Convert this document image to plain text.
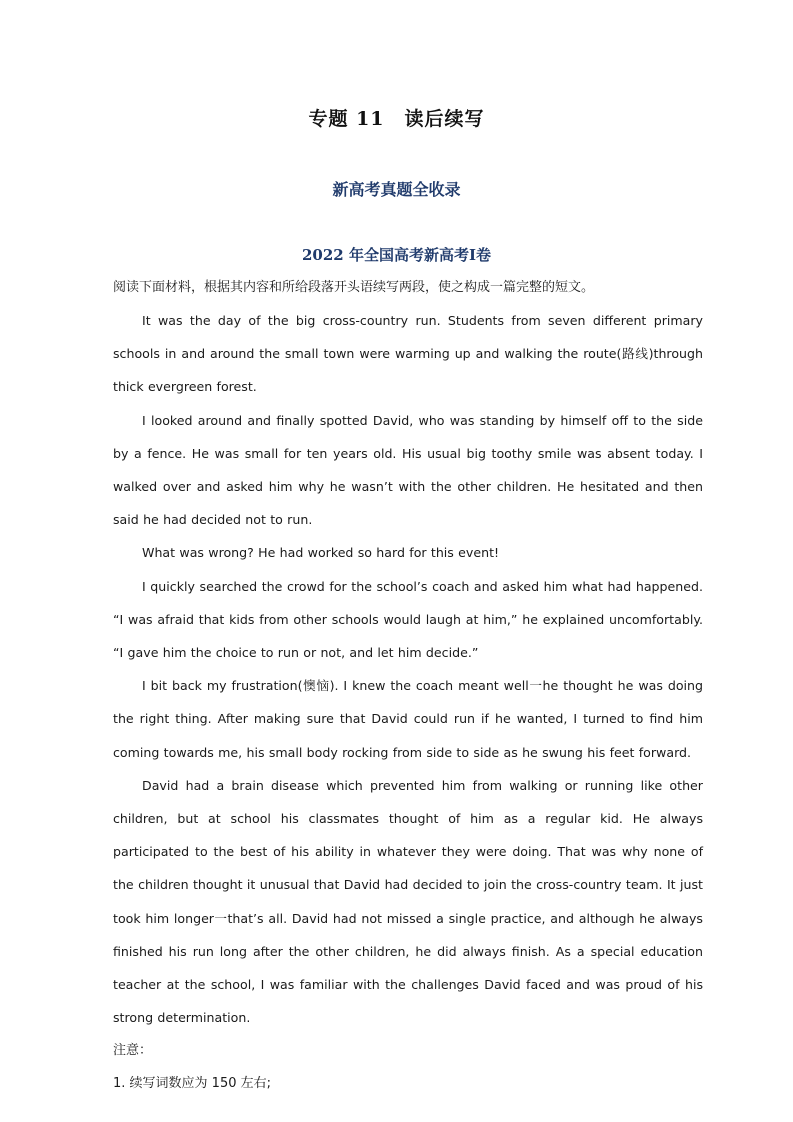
专题 11 读后续写
新高考真题全收录
2022 年全国高考新高考Ⅰ卷

阅读下面材料，根据其内容和所给段落开头语续写两段，使之构成一篇完整的短文。

It was the day of the big cross-country run. Students from seven different primary schools in and around the small town were warming up and walking the route(路线)through thick evergreen forest.

I looked around and finally spotted David, who was standing by himself off to the side by a fence. He was small for ten years old. His usual big toothy smile was absent today. I walked over and asked him why he wasn’t with the other children. He hesitated and then said he had decided not to run.

What was wrong? He had worked so hard for this event!

I quickly searched the crowd for the school’s coach and asked him what had happened. “I was afraid that kids from other schools would laugh at him,” he explained uncomfortably. “I gave him the choice to run or not, and let him decide.”

I bit back my frustration(懊恼). I knew the coach meant well一he thought he was doing the right thing. After making sure that David could run if he wanted, I turned to find him coming towards me, his small body rocking from side to side as he swung his feet forward.

David had a brain disease which prevented him from walking or running like other children, but at school his classmates thought of him as a regular kid. He always participated to the best of his ability in whatever they were doing. That was why none of the children thought it unusual that David had decided to join the cross-country team. It just took him longer一that’s all. David had not missed a single practice, and although he always finished his run long after the other children, he did always finish. As a special education teacher at the school, I was familiar with the challenges David faced and was proud of his strong determination.

注意：

1. 续写词数应为 150 左右;
